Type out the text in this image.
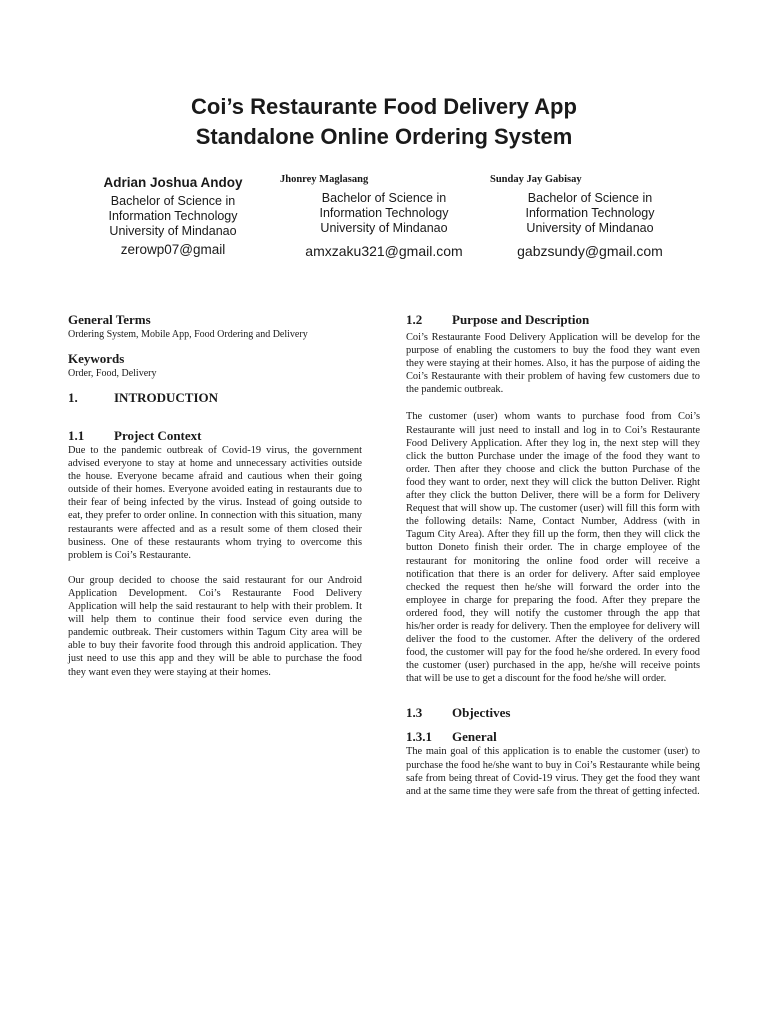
Coi’s Restaurante Food Delivery App
Standalone Online Ordering System
Adrian Joshua Andoy
Bachelor of Science in
Information Technology
University of Mindanao
zerowp07@gmail
Jhonrey Maglasang
Bachelor of Science in
Information Technology
University of Mindanao
amxzaku321@gmail.com
Sunday Jay Gabisay
Bachelor of Science in
Information Technology
University of Mindanao
gabzsundy@gmail.com
General Terms
Ordering System, Mobile App, Food Ordering and Delivery
Keywords
Order, Food, Delivery
1.	INTRODUCTION
1.1 Project Context

Due to the pandemic outbreak of Covid-19 virus, the government advised everyone to stay at home and unnecessary activities outside the house. Everyone became afraid and cautious when their going outside of their homes. Everyone avoided eating in restaurants due to their fear of being infected by the virus. Instead of going outside to eat, they prefer to order online. In connection with this situation, many restaurants were affected and as a result some of them closed their business. One of these restaurants whom trying to overcome this problem is Coi’s Restaurante.

Our group decided to choose the said restaurant for our Android Application Development. Coi’s Restaurante Food Delivery Application will help the said restaurant to help with their problem. It will help them to continue their food service even during the pandemic outbreak. Their customers within Tagum City area will be able to buy their favorite food through this android application. They just need to use this app and they will be able to purchase the food they want even they were staying at their homes.

1.2 Purpose and Description

Coi’s Restaurante Food Delivery Application will be develop for the purpose of enabling the customers to buy the food they want even they were staying at their homes. Also, it has the purpose of aiding the Coi’s Restaurante with their problem of having few customers due to the pandemic outbreak.

The customer (user) whom wants to purchase food from Coi’s Restaurante will just need to install and log in to Coi’s Restaurante Food Delivery Application. After they log in, the next step will they click the button Purchase under the image of the food they want to order. Then after they choose and click the button Purchase of the food they want to order, next they will click the button Deliver. Right after they click the button Deliver, there will be a form for Delivery Request that will show up. The customer (user) will fill this form with the following details: Name, Contact Number, Address (with in Tagum City Area). After they fill up the form, then they will click the button Doneto finish their order. The in charge employee of the restaurant for monitoring the online food order will receive a notification that there is an order for delivery. After said employee checked the request then he/she will forward the order into the employee in charge for preparing the food. After they prepare the ordered food, they will notify the customer through the app that his/her order is ready for delivery. Then the employee for delivery will deliver the food to the customer. After the delivery of the ordered food, the customer will pay for the food he/she ordered. In every food the customer (user) purchased in the app, he/she will receive points that will be use to get a discount for the food he/she will order.

1.3 Objectives
1.3.1 General

The main goal of this application is to enable the customer (user) to purchase the food he/she want to buy in Coi’s Restaurante while being safe from being threat of Covid-19 virus. They get the food they want and at the same time they were safe from the threat of getting infected.
